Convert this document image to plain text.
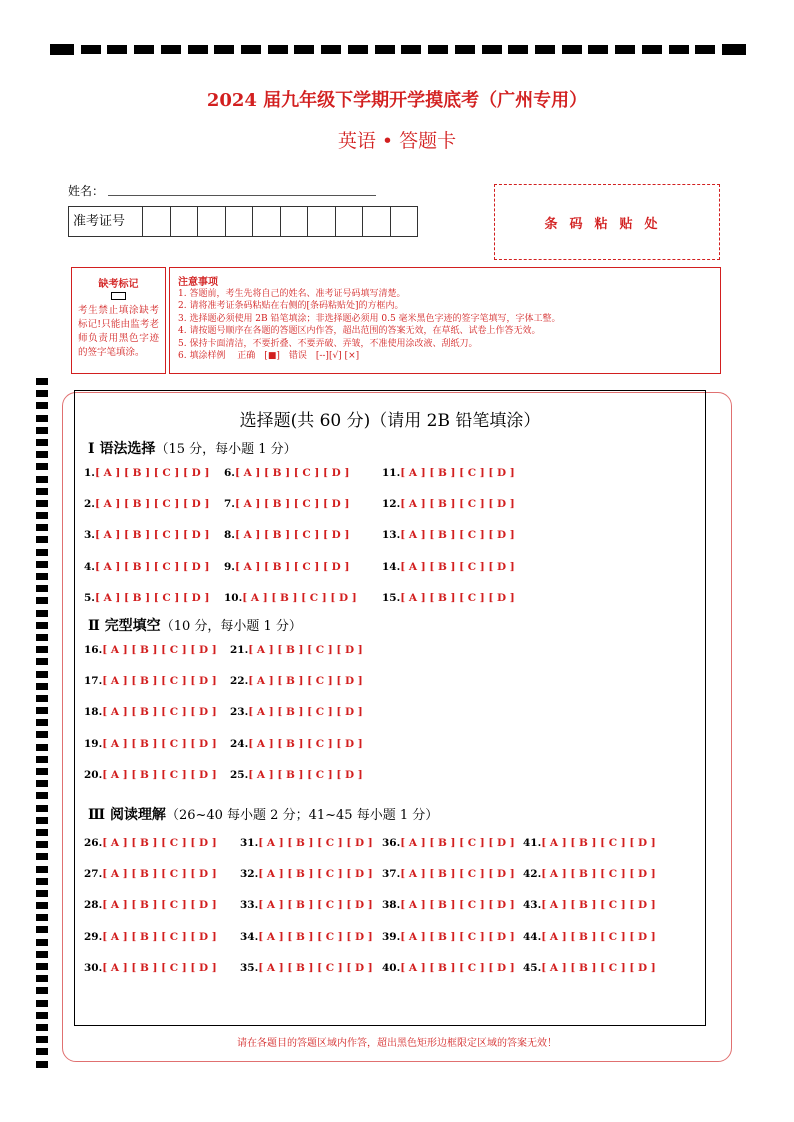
2024 届九年级下学期开学摸底考（广州专用）
英语 • 答题卡
姓名：
准考证号	条码粘贴处
缺考标记
考生禁止填涂缺考标记!只能由监考老师负责用黑色字迹的签字笔填涂。
注意事项
1. 答题前，考生先将自己的姓名、准考证号码填写清楚。
2. 请将准考证条码粘贴在右侧的[条码粘贴处]的方框内。
3. 选择题必须使用 2B 铅笔填涂；非选择题必须用 0.5 毫米黑色字迹的签字笔填写，字体工整。
4. 请按题号顺序在各题的答题区内作答，超出范围的答案无效，在草纸、试卷上作答无效。
5. 保持卡面清洁，不要折叠、不要弄破、弄皱，不准使用涂改液、刮纸刀。
6. 填涂样例　 正确　[■]　错误　[--][√] [×]
选择题(共 60 分)（请用 2B 铅笔填涂）
Ⅰ 语法选择（15 分，每小题 1 分）
Ⅱ 完型填空（10 分，每小题 1 分）
Ⅲ 阅读理解（26~40 每小题 2 分；41~45 每小题 1 分）
1.[ A ] [ B ] [ C ] [ D ]
2.[ A ] [ B ] [ C ] [ D ]
3.[ A ] [ B ] [ C ] [ D ]
4.[ A ] [ B ] [ C ] [ D ]
5.[ A ] [ B ] [ C ] [ D ]
6.[ A ] [ B ] [ C ] [ D ]
7.[ A ] [ B ] [ C ] [ D ]
8.[ A ] [ B ] [ C ] [ D ]
9.[ A ] [ B ] [ C ] [ D ]
10.[ A ] [ B ] [ C ] [ D ]
11.[ A ] [ B ] [ C ] [ D ]
12.[ A ] [ B ] [ C ] [ D ]
13.[ A ] [ B ] [ C ] [ D ]
14.[ A ] [ B ] [ C ] [ D ]
15.[ A ] [ B ] [ C ] [ D ]
16.[ A ] [ B ] [ C ] [ D ]
17.[ A ] [ B ] [ C ] [ D ]
18.[ A ] [ B ] [ C ] [ D ]
19.[ A ] [ B ] [ C ] [ D ]
20.[ A ] [ B ] [ C ] [ D ]
21.[ A ] [ B ] [ C ] [ D ]
22.[ A ] [ B ] [ C ] [ D ]
23.[ A ] [ B ] [ C ] [ D ]
24.[ A ] [ B ] [ C ] [ D ]
25.[ A ] [ B ] [ C ] [ D ]
26.[ A ] [ B ] [ C ] [ D ]
27.[ A ] [ B ] [ C ] [ D ]
28.[ A ] [ B ] [ C ] [ D ]
29.[ A ] [ B ] [ C ] [ D ]
30.[ A ] [ B ] [ C ] [ D ]
31.[ A ] [ B ] [ C ] [ D ]
32.[ A ] [ B ] [ C ] [ D ]
33.[ A ] [ B ] [ C ] [ D ]
34.[ A ] [ B ] [ C ] [ D ]
35.[ A ] [ B ] [ C ] [ D ]
36.[ A ] [ B ] [ C ] [ D ]
37.[ A ] [ B ] [ C ] [ D ]
38.[ A ] [ B ] [ C ] [ D ]
39.[ A ] [ B ] [ C ] [ D ]
40.[ A ] [ B ] [ C ] [ D ]
41.[ A ] [ B ] [ C ] [ D ]
42.[ A ] [ B ] [ C ] [ D ]
43.[ A ] [ B ] [ C ] [ D ]
44.[ A ] [ B ] [ C ] [ D ]
45.[ A ] [ B ] [ C ] [ D ]
请在各题目的答题区域内作答，超出黑色矩形边框限定区域的答案无效！
